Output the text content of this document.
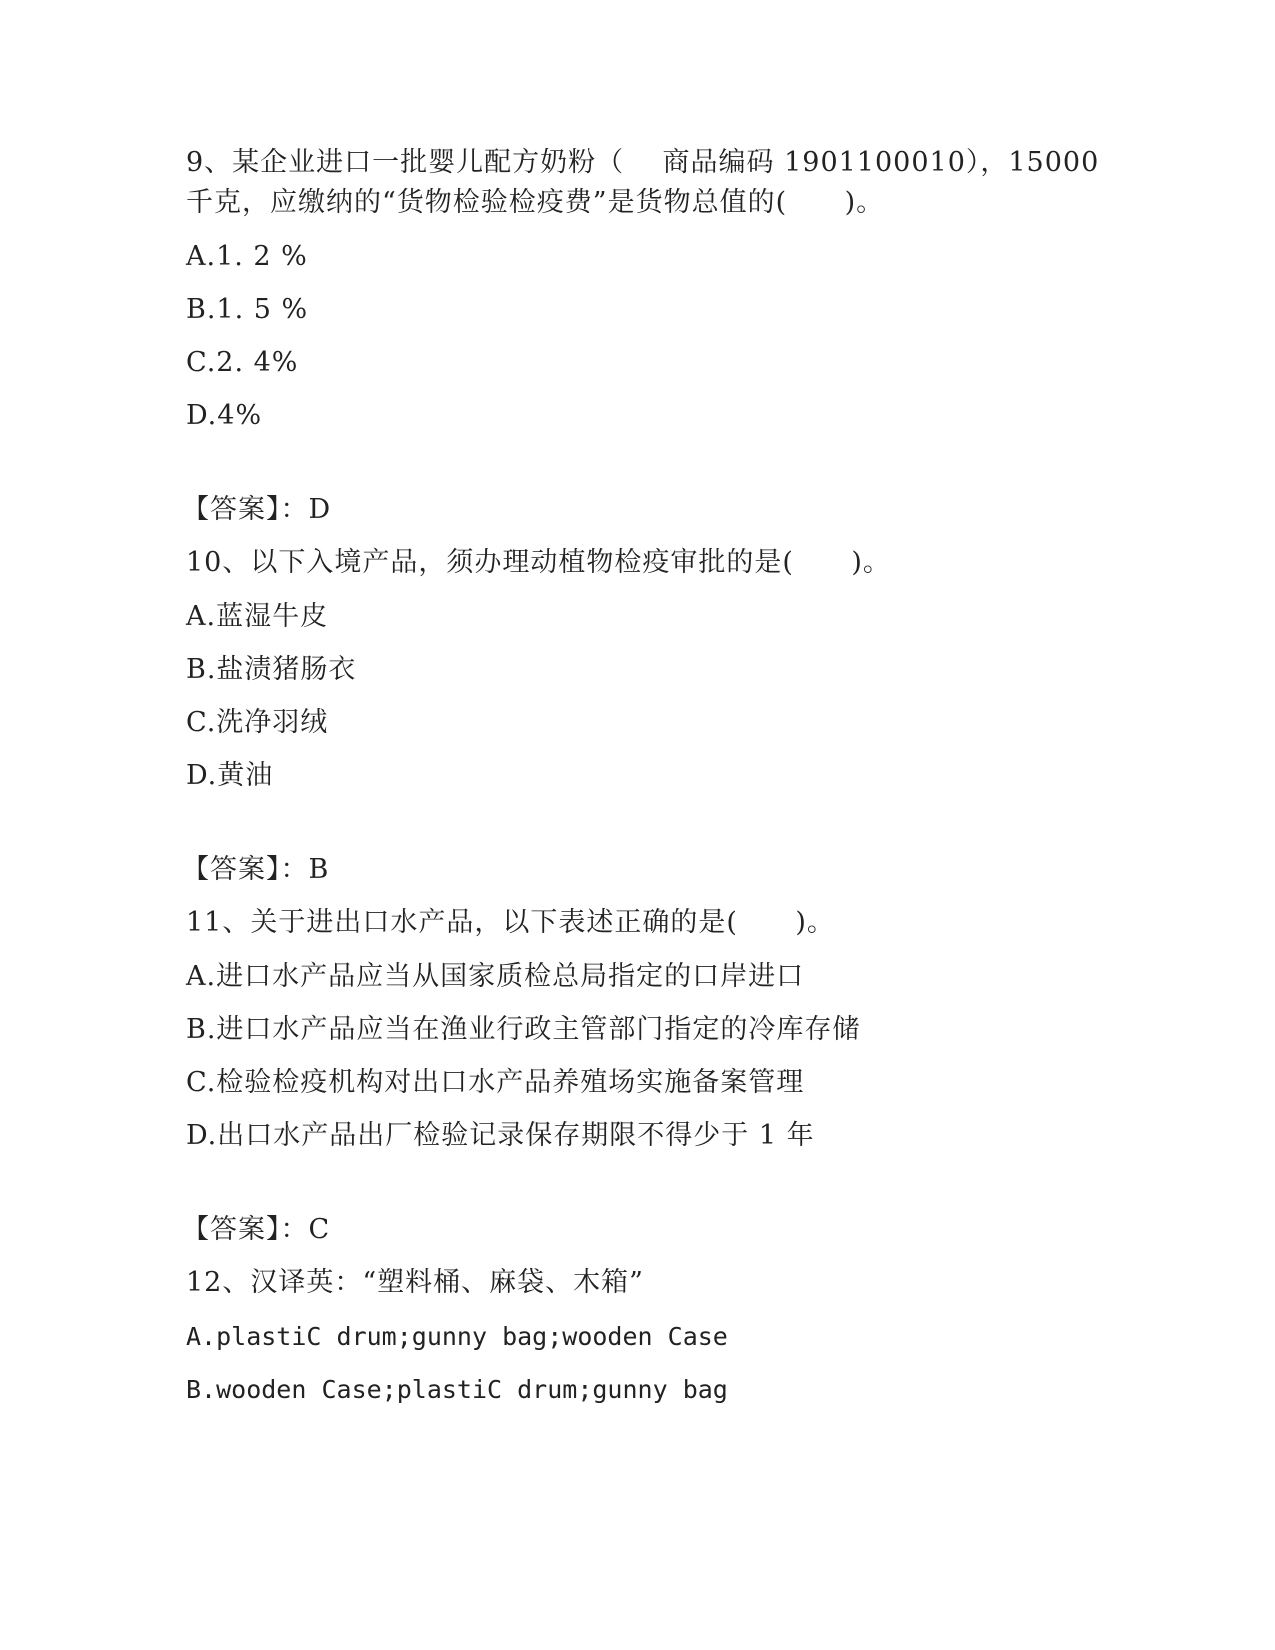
9、某企业进口一批婴儿配方奶粉（    商品编码 1901100010），15000
千克，应缴纳的“货物检验检疫费”是货物总值的(      )。
A.1. 2 %
B.1. 5 %
C.2. 4%
D.4%
【答案】：D
10、以下入境产品，须办理动植物检疫审批的是(      )。
A.蓝湿牛皮
B.盐渍猪肠衣
C.洗净羽绒
D.黄油
【答案】：B
11、关于进出口水产品，以下表述正确的是(      )。
A.进口水产品应当从国家质检总局指定的口岸进口
B.进口水产品应当在渔业行政主管部门指定的冷库存储
C.检验检疫机构对出口水产品养殖场实施备案管理
D.出口水产品出厂检验记录保存期限不得少于 1 年
【答案】：C
12、汉译英：“塑料桶、麻袋、木箱”
A.plastiC drum;gunny bag;wooden Case
B.wooden Case;plastiC drum;gunny bag
